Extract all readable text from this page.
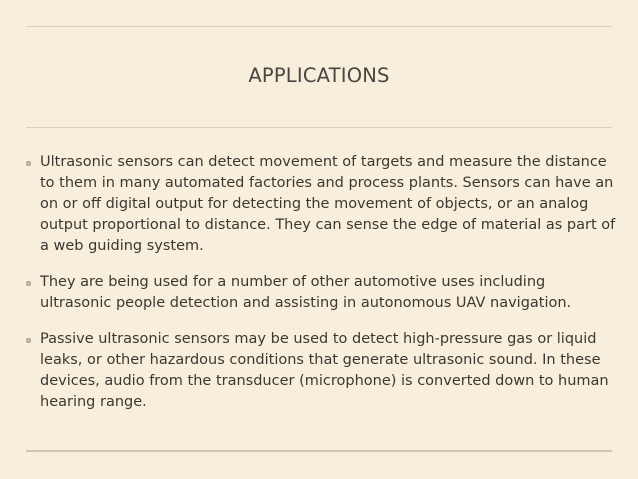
APPLICATIONS
Ultrasonic sensors can detect movement of targets and measure the distance to them in many automated factories and process plants. Sensors can have an on or off digital output for detecting the movement of objects, or an analog output proportional to distance. They can sense the edge of material as part of a web guiding system.
They are being used for a number of other automotive uses including ultrasonic people detection and assisting in autonomous UAV navigation.
Passive ultrasonic sensors may be used to detect high-pressure gas or liquid leaks, or other hazardous conditions that generate ultrasonic sound. In these devices, audio from the transducer (microphone) is converted down to human hearing range.
